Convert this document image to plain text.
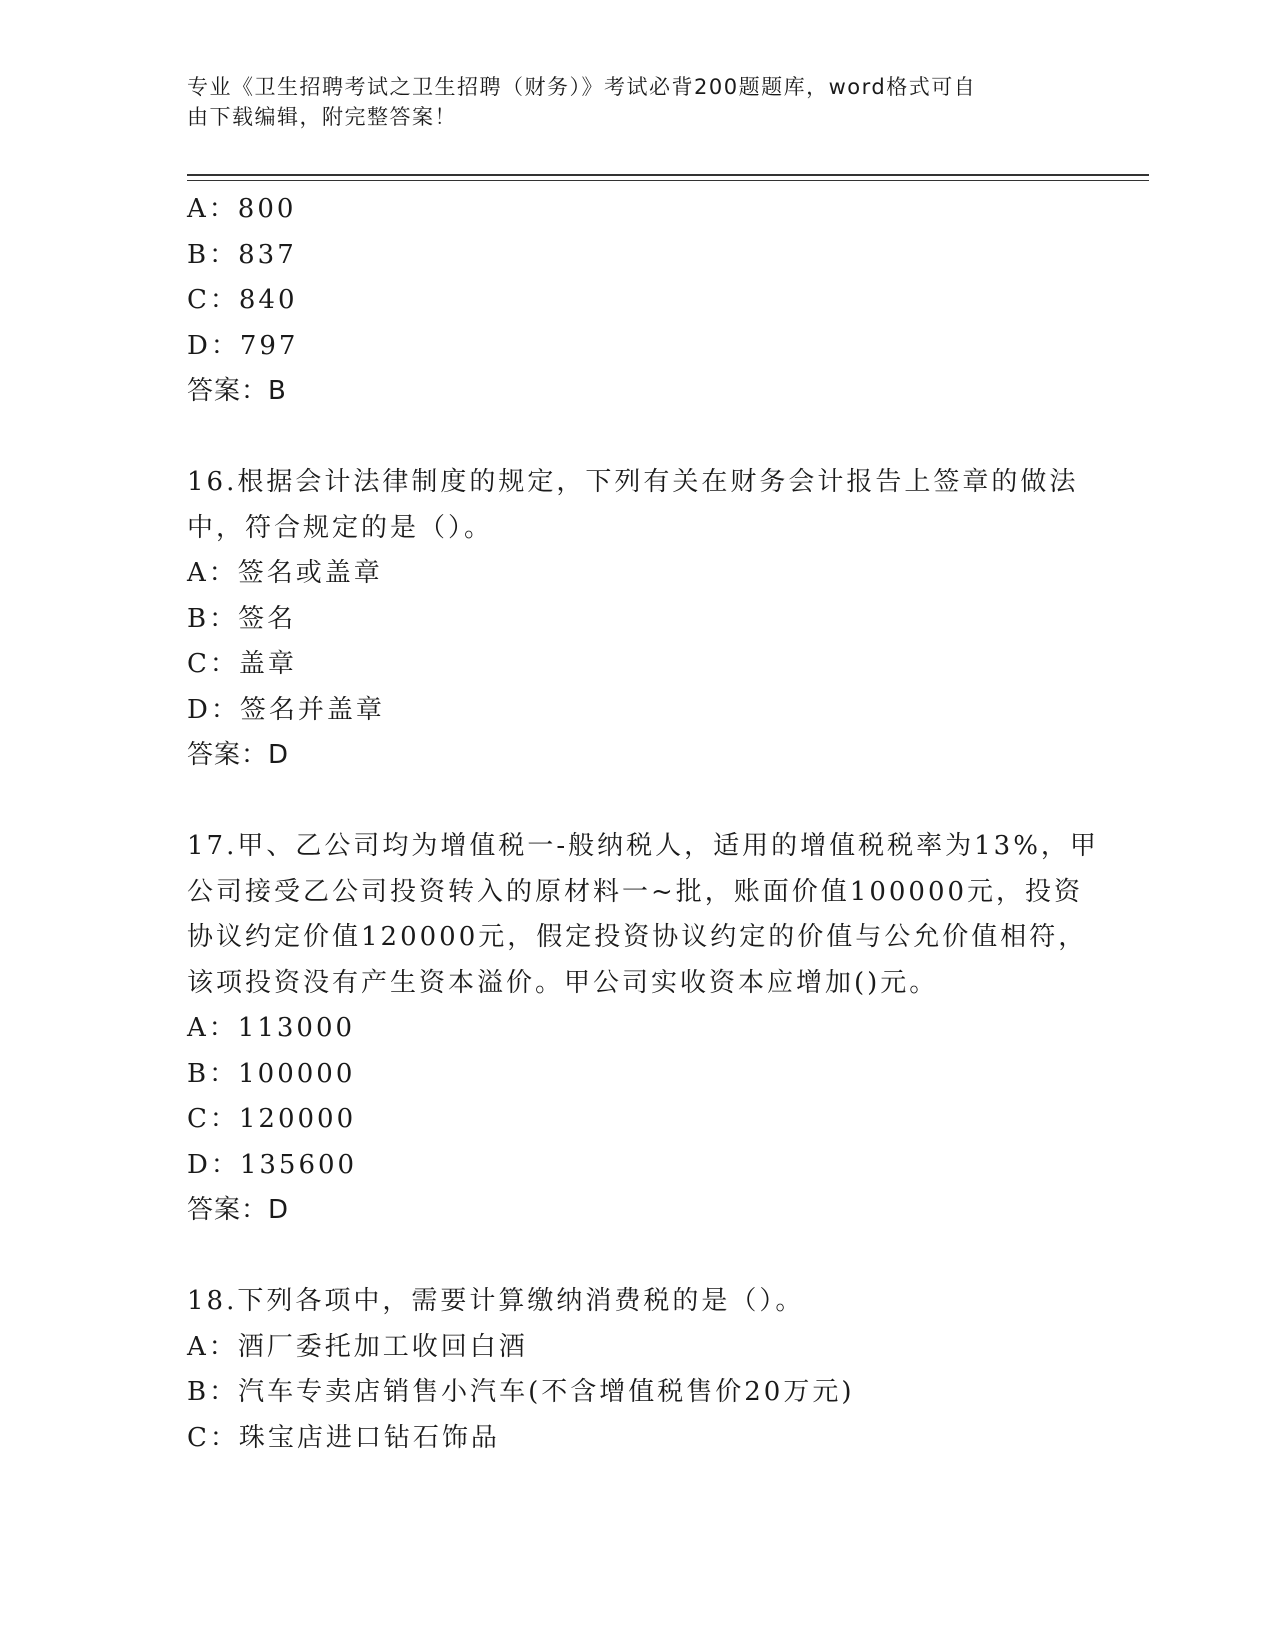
专业《卫生招聘考试之卫生招聘（财务）》考试必背200题题库，word格式可自
由下载编辑，附完整答案！
A：800
B：837
C：840
D：797
答案：B
16.根据会计法律制度的规定，下列有关在财务会计报告上签章的做法
中，符合规定的是（）。
A：签名或盖章
B：签名
C：盖章
D：签名并盖章
答案：D
17.甲、乙公司均为增值税一-般纳税人，适用的增值税税率为13%，甲
公司接受乙公司投资转入的原材料一~批，账面价值100000元，投资
协议约定价值120000元，假定投资协议约定的价值与公允价值相符，
该项投资没有产生资本溢价。甲公司实收资本应增加()元。
A：113000
B：100000
C：120000
D：135600
答案：D
18.下列各项中，需要计算缴纳消费税的是（）。
A：酒厂委托加工收回白酒
B：汽车专卖店销售小汽车(不含增值税售价20万元)
C：珠宝店进口钻石饰品
